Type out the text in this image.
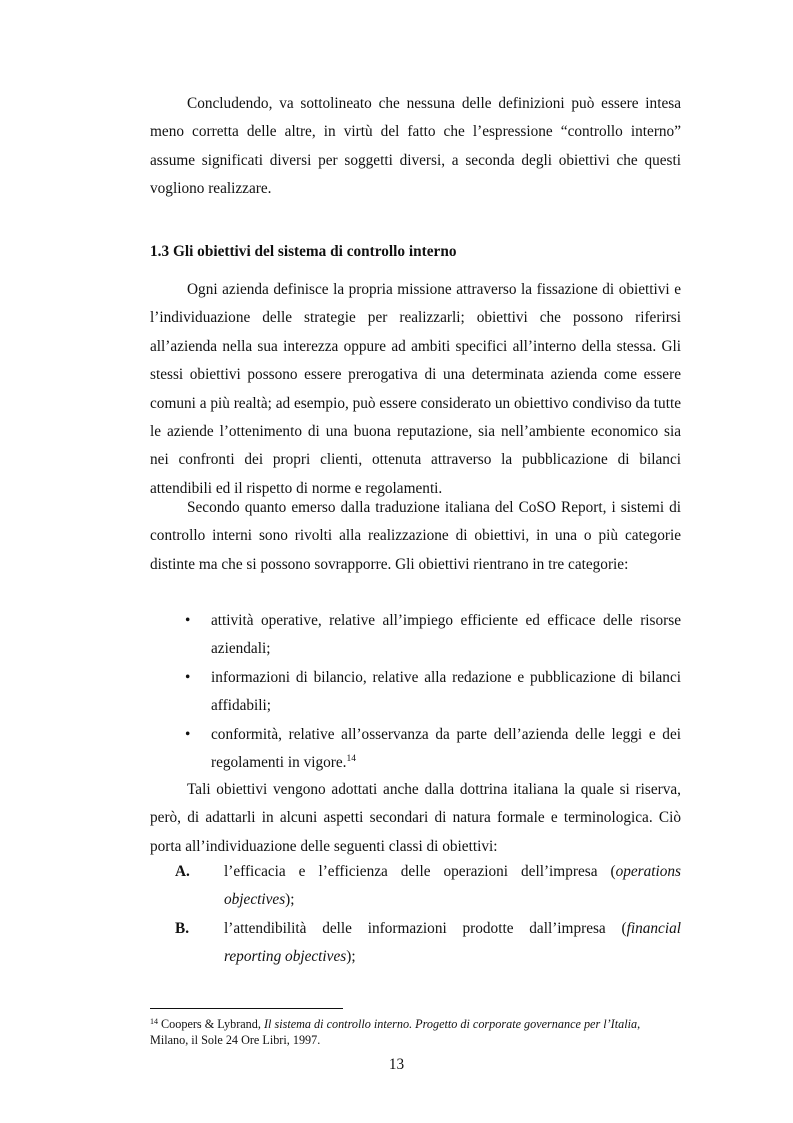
Concludendo, va sottolineato che nessuna delle definizioni può essere intesa meno corretta delle altre, in virtù del fatto che l’espressione “controllo interno” assume significati diversi per soggetti diversi, a seconda degli obiettivi che questi vogliono realizzare.

1.3 Gli obiettivi del sistema di controllo interno

Ogni azienda definisce la propria missione attraverso la fissazione di obiettivi e l’individuazione delle strategie per realizzarli; obiettivi che possono riferirsi all’azienda nella sua interezza oppure ad ambiti specifici all’interno della stessa. Gli stessi obiettivi possono essere prerogativa di una determinata azienda come essere comuni a più realtà; ad esempio, può essere considerato un obiettivo condiviso da tutte le aziende l’ottenimento di una buona reputazione, sia nell’ambiente economico sia nei confronti dei propri clienti, ottenuta attraverso la pubblicazione di bilanci attendibili ed il rispetto di norme e regolamenti.

Secondo quanto emerso dalla traduzione italiana del CoSO Report, i sistemi di controllo interni sono rivolti alla realizzazione di obiettivi, in una o più categorie distinte ma che si possono sovrapporre. Gli obiettivi rientrano in tre categorie:

• attività operative, relative all’impiego efficiente ed efficace delle risorse aziendali;
• informazioni di bilancio, relative alla redazione e pubblicazione di bilanci affidabili;
• conformità, relative all’osservanza da parte dell’azienda delle leggi e dei regolamenti in vigore.$^{14}$

Tali obiettivi vengono adottati anche dalla dottrina italiana la quale si riserva, però, di adattarli in alcuni aspetti secondari di natura formale e terminologica. Ciò porta all’individuazione delle seguenti classi di obiettivi:

A. l’efficacia e l’efficienza delle operazioni dell’impresa (operations objectives);
B. l’attendibilità delle informazioni prodotte dall’impresa (financial reporting objectives);

$^{14}$ Coopers & Lybrand, Il sistema di controllo interno. Progetto di corporate governance per l’Italia, Milano, il Sole 24 Ore Libri, 1997.

13
